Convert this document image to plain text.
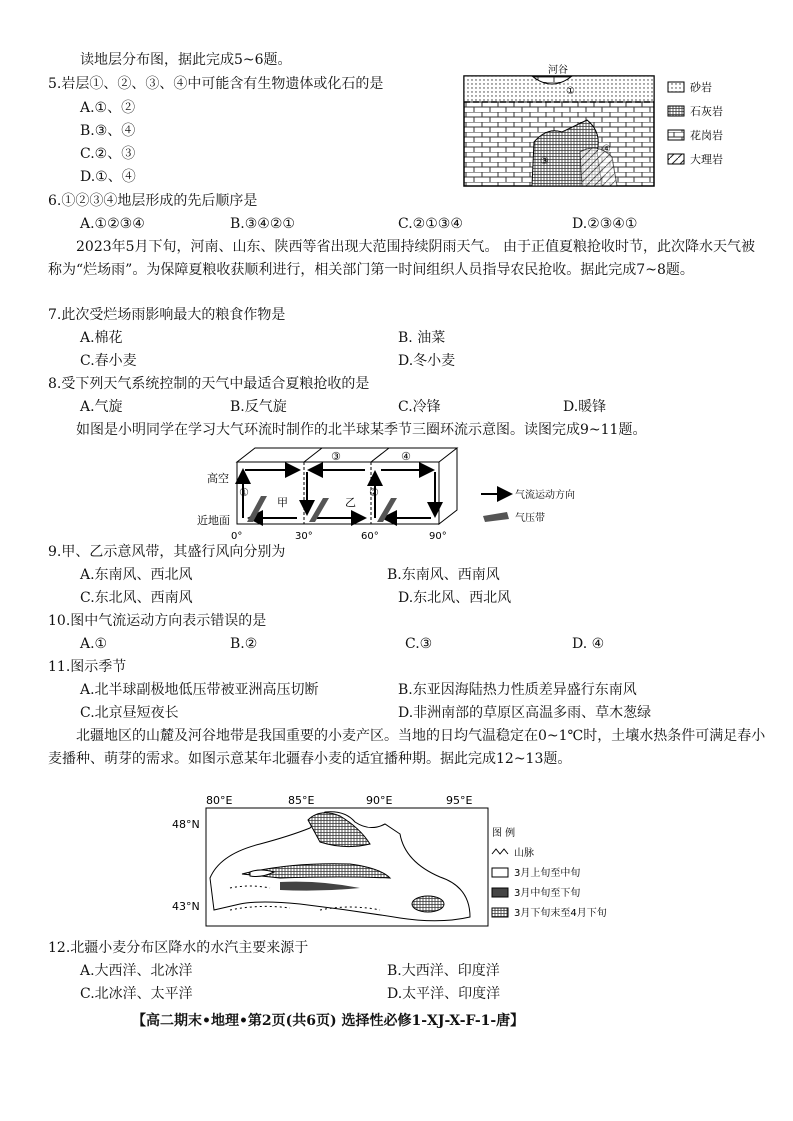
读地层分布图，据此完成5~6题。
5.岩层①、②、③、④中可能含有生物遗体或化石的是
A.①、②
B.③、④
C.②、③
D.①、④
①
③
④
河谷
砂岩
石灰岩
花岗岩
大理岩
6.①②③④地层形成的先后顺序是
A.①②③④	B.③④②①	C.②①③④	D.②③④①
2023年5月下旬，河南、山东、陕西等省出现大范围持续阴雨天气。 由于正值夏粮抢收时节，此次降水天气被称为“烂场雨”。为保障夏粮收获顺利进行，相关部门第一时间组织人员指导农民抢收。据此完成7~8题。
7.此次受烂场雨影响最大的粮食作物是
A.棉花	B. 油菜
C.春小麦	D.冬小麦
8.受下列天气系统控制的天气中最适合夏粮抢收的是
A.气旋	B.反气旋	C.冷锋	D.暖锋
如图是小明同学在学习大气环流时制作的北半球某季节三圈环流示意图。读图完成9~11题。
高空
近地面
①	②
③	④
甲	乙
0°	30°	60°	90°
气流运动方向
气压带
9.甲、乙示意风带，其盛行风向分别为
A.东南风、西北风	B.东南风、西南风
C.东北风、西南风	D.东北风、西北风
10.图中气流运动方向表示错误的是
A.①	B.②	C.③	D. ④
11.图示季节
A.北半球副极地低压带被亚洲高压切断	B.东亚因海陆热力性质差异盛行东南风
C.北京昼短夜长	D.非洲南部的草原区高温多雨、草木葱绿
北疆地区的山麓及河谷地带是我国重要的小麦产区。当地的日均气温稳定在0~1℃时，土壤水热条件可满足春小麦播种、萌芽的需求。如图示意某年北疆春小麦的适宜播种期。据此完成12~13题。
80°E	85°E	90°E	95°E
48°N
43°N
图 例
山脉
3月上旬至中旬
3月中旬至下旬
3月下旬末至4月下旬
12.北疆小麦分布区降水的水汽主要来源于
A.大西洋、北冰洋	B.大西洋、印度洋
C.北冰洋、太平洋	D.太平洋、印度洋
【高二期末•地理•第2页(共6页) 选择性必修1-XJ-X-F-1-唐】
